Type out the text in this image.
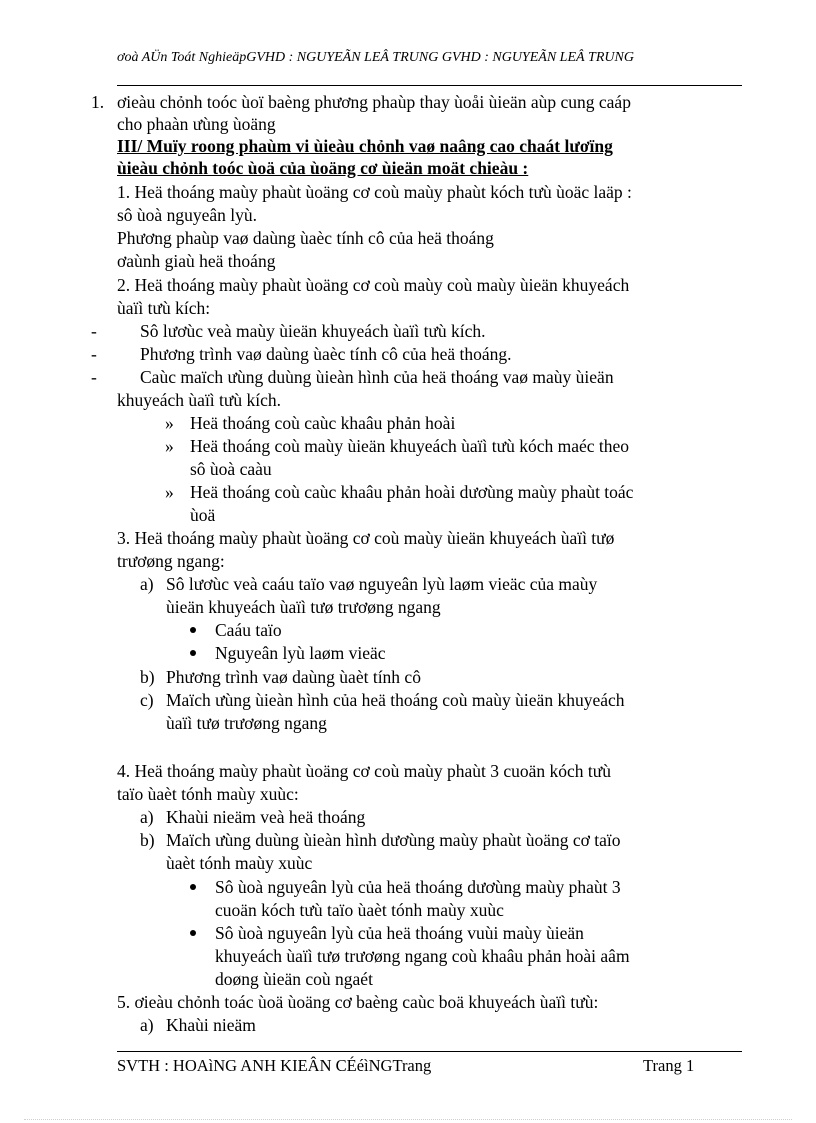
ơoà AÜn Toát NghieäpGVHD : NGUYEÃN LEÂ TRUNG GVHD : NGUYEÃN LEÂ TRUNG
1. ơieàu chỏnh toóc ùoï baèng phương phaùp thay ùoåi ùieän aùp cung caáp
cho phaàn ưùng ùoäng
III/ Muïy roong phaùm vi ùieàu chỏnh vaø naâng cao chaát lươïng
ùieàu chỏnh toóc ùoä của ùoäng cơ ùieän moät chieàu :
1. Heä thoáng maùy phaùt ùoäng cơ coù maùy phaùt kóch tưù ùoäc laäp :
sô ùoà nguyeân lyù.
Phương phaùp vaø daùng ùaèc tính cô của heä thoáng
ơaùnh giaù heä thoáng
2. Heä thoáng maùy phaùt ùoäng cơ coù maùy coù maùy ùieän khuyeách
ùaïì tưù kích:
- Sô lươùc veà maùy ùieän khuyeách ùaïì tưù kích.
- Phương trình vaø daùng ùaèc tính cô của heä thoáng.
- Caùc maïch ưùng duùng ùieàn hình của heä thoáng vaø maùy ùieän
khuyeách ùaïì tưù kích.
» Heä thoáng coù caùc khaâu phản hoài
» Heä thoáng coù maùy ùieän khuyeách ùaïì tưù kóch maéc theo
sô ùoà caàu
» Heä thoáng coù caùc khaâu phản hoài dươùng maùy phaùt toác
ùoä
3. Heä thoáng maùy phaùt ùoäng cơ coù maùy ùieän khuyeách ùaïì tưø
trươøng ngang:
a) Sô lươùc veà caáu taïo vaø nguyeân lyù laøm vieäc của maùy
ùieän khuyeách ùaïì tưø trươøng ngang
Caáu taïo
Nguyeân lyù laøm vieäc
b) Phương trình vaø daùng ùaèt tính cô
c) Maïch ưùng ùieàn hình của heä thoáng coù maùy ùieän khuyeách
ùaïì tưø trươøng ngang
4. Heä thoáng maùy phaùt ùoäng cơ coù maùy phaùt 3 cuoän kóch tưù
taïo ùaèt tónh maùy xuùc:
a) Khaùi nieäm veà heä thoáng
b) Maïch ưùng duùng ùieàn hình dươùng maùy phaùt ùoäng cơ taïo
ùaèt tónh maùy xuùc
Sô ùoà nguyeân lyù của heä thoáng dươùng maùy phaùt 3
cuoän kóch tưù taïo ùaèt tónh maùy xuùc
Sô ùoà nguyeân lyù của heä thoáng vuùi maùy ùieän
khuyeách ùaïì tưø trươøng ngang coù khaâu phản hoài aâm
doøng ùieän coù ngaét
5. ơieàu chỏnh toác ùoä ùoäng cơ baèng caùc boä khuyeách ùaïì tưù:
a) Khaùi nieäm
SVTH : HOAìNG ANH KIEÂN CÉéìNGTrang	Trang 1
